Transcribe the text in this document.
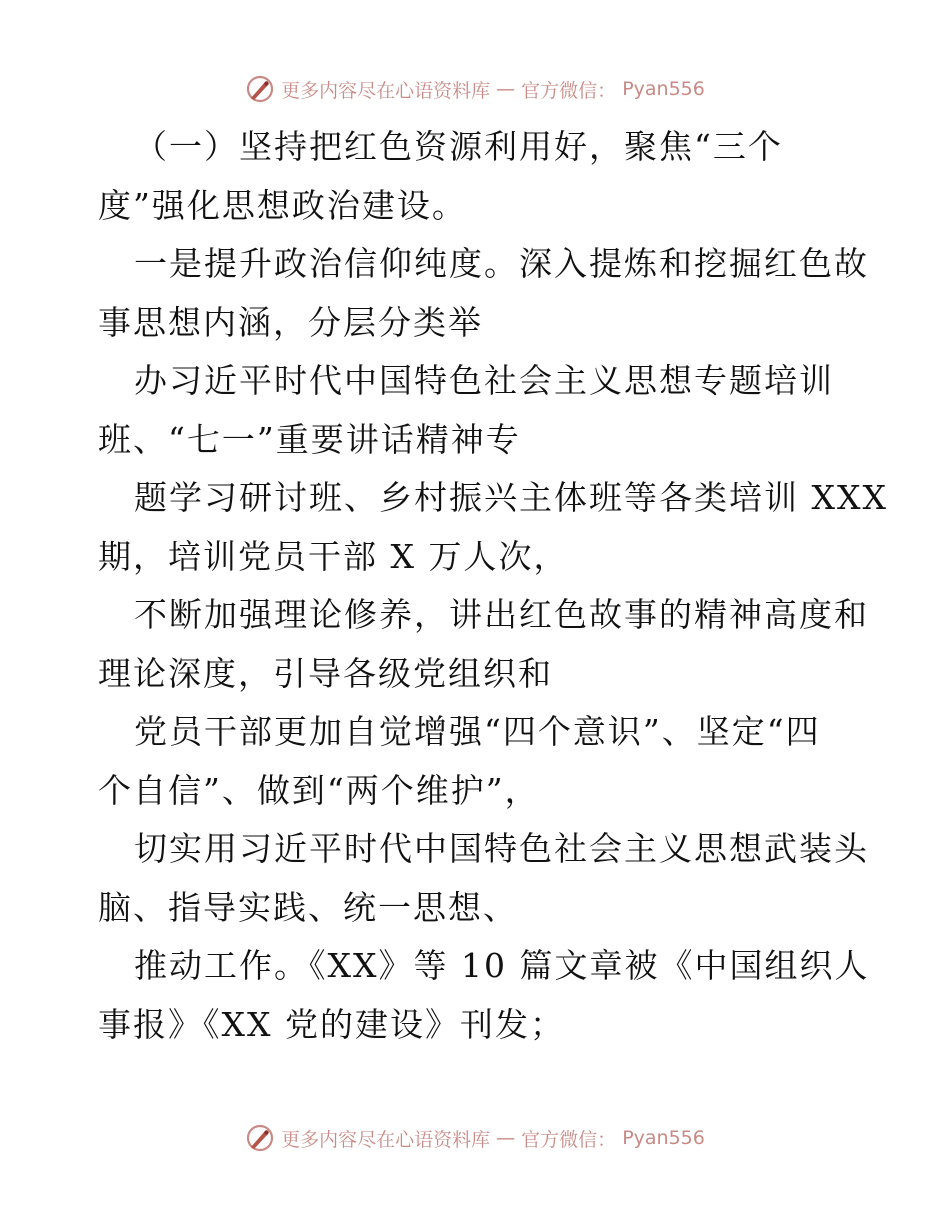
更多内容尽在心语资料库 — 官方微信： Pyan556
（一）坚持把红色资源利用好，聚焦“三个
度”强化思想政治建设。
一是提升政治信仰纯度。深入提炼和挖掘红色故
事思想内涵，分层分类举
办习近平时代中国特色社会主义思想专题培训
班、“七一”重要讲话精神专
题学习研讨班、乡村振兴主体班等各类培训 XXX
期，培训党员干部 X 万人次，
不断加强理论修养，讲出红色故事的精神高度和
理论深度，引导各级党组织和
党员干部更加自觉增强“四个意识”、坚定“四
个自信”、做到“两个维护”，
切实用习近平时代中国特色社会主义思想武装头
脑、指导实践、统一思想、
推动工作。《XX》等 10 篇文章被《中国组织人
事报》《XX 党的建设》刊发；
更多内容尽在心语资料库 — 官方微信： Pyan556
